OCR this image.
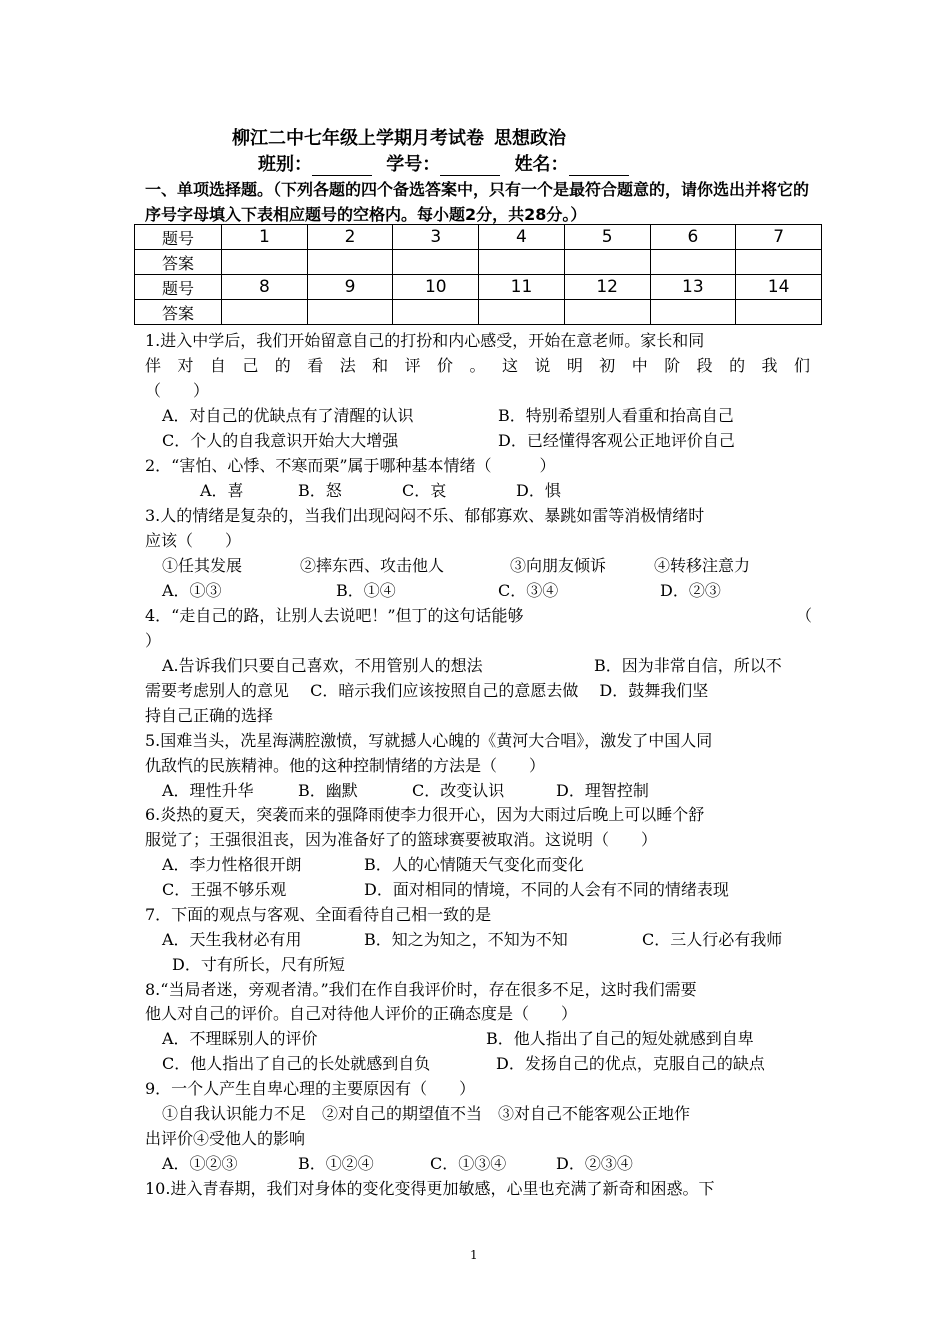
柳江二中七年级上学期月考试卷 思想政治
班别：	学号：	姓名：
一、单项选择题。（下列各题的四个备选答案中，只有一个是最符合题意的，请你选出并将它的序号字母填入下表相应题号的空格内。每小题2分，共28分。）
题号	1	2	3	4	5	6	7
答案							
题号	8	9	10	11	12	13	14
答案							
1.进入中学后，我们开始留意自己的打扮和内心感受，开始在意老师。家长和同
伴对自己的看法和评价。这说明初中阶段的我们
（　　）
A．对自己的优缺点有了清醒的认识	B．特别希望别人看重和抬高自己
C．个人的自我意识开始大大增强	D．已经懂得客观公正地评价自己
2．“害怕、心悸、不寒而栗”属于哪种基本情绪（　　　）
A．喜	B．怒	C．哀	D．惧
3.人的情绪是复杂的，当我们出现闷闷不乐、郁郁寡欢、暴跳如雷等消极情绪时
应该（　　）
①任其发展	②摔东西、攻击他人	③向朋友倾诉	④转移注意力
A．①③	B．①④	C．③④	D．②③
4．“走自己的路，让别人去说吧！”但丁的这句话能够	（
）
A.告诉我们只要自己喜欢，不用管别人的想法	B．因为非常自信，所以不
需要考虑别人的意见　 C．暗示我们应该按照自己的意愿去做　 D．鼓舞我们坚
持自己正确的选择
5.国难当头，冼星海满腔激愤，写就撼人心魄的《黄河大合唱》，激发了中国人同
仇敌忾的民族精神。他的这种控制情绪的方法是（　　）
A．理性升华	B．幽默	C．改变认识	D．理智控制
6.炎热的夏天，突袭而来的强降雨使李力很开心，因为大雨过后晚上可以睡个舒
服觉了；王强很沮丧，因为准备好了的篮球赛要被取消。这说明（　　）
A．李力性格很开朗	B．人的心情随天气变化而变化
C．王强不够乐观	D．面对相同的情境，不同的人会有不同的情绪表现
7．下面的观点与客观、全面看待自己相一致的是
A．天生我材必有用	B．知之为知之，不知为不知	C．三人行必有我师
D．寸有所长，尺有所短
8.“当局者迷，旁观者清。”我们在作自我评价时，存在很多不足，这时我们需要
他人对自己的评价。自己对待他人评价的正确态度是（　　）
A．不理睬别人的评价	B．他人指出了自己的短处就感到自卑
C．他人指出了自己的长处就感到自负	D．发扬自己的优点，克服自己的缺点
9．一个人产生自卑心理的主要原因有（　　）
①自我认识能力不足　②对自己的期望值不当　③对自己不能客观公正地作
出评价④受他人的影响
A．①②③	B．①②④	C．①③④	D．②③④
10.进入青春期，我们对身体的变化变得更加敏感，心里也充满了新奇和困惑。下
1
